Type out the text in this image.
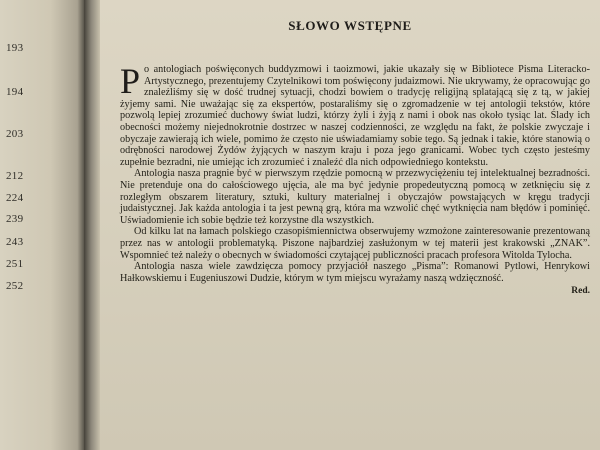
193
194
203
212
224
239
243
251
252
SŁOWO WSTĘPNE

Po antologiach poświęconych buddyzmowi i taoizmowi, jakie ukazały się w Bibliotece Pisma Literacko-Artystycznego, prezentujemy Czytelnikowi tom poświęcony judaizmowi. Nie ukrywamy, że opracowując go znaleźliśmy się w dość trudnej sytuacji, chodzi bowiem o tradycję religijną splatającą się z tą, w jakiej żyjemy sami. Nie uważając się za ekspertów, postaraliśmy się o zgromadzenie w tej antologii tekstów, które pozwolą lepiej zrozumieć duchowy świat ludzi, którzy żyli i żyją z nami i obok nas około tysiąc lat. Ślady ich obecności możemy niejednokrotnie dostrzec w naszej codzienności, ze względu na fakt, że polskie zwyczaje i obyczaje zawierają ich wiele, pomimo że często nie uświadamiamy sobie tego. Są jednak i takie, które stanowią o odrębności narodowej Żydów żyjących w naszym kraju i poza jego granicami. Wobec tych często jesteśmy zupełnie bezradni, nie umiejąc ich zrozumieć i znaleźć dla nich odpowiedniego kontekstu.

Antologia nasza pragnie być w pierwszym rzędzie pomocną w przezwyciężeniu tej intelektualnej bezradności. Nie pretenduje ona do całościowego ujęcia, ale ma być jedynie propedeutyczną pomocą w zetknięciu się z rozległym obszarem literatury, sztuki, kultury materialnej i obyczajów powstających w kręgu tradycji judaistycznej. Jak każda antologia i ta jest pewną grą, która ma wzwolić chęć wytknięcia nam błędów i pominięć. Uświadomienie ich sobie będzie też korzystne dla wszystkich.

Od kilku lat na łamach polskiego czasopiśmiennictwa obserwujemy wzmożone zainteresowanie prezentowaną przez nas w antologii problematyką. Piszone najbardziej zasłużonym w tej materii jest krakowski „ZNAK”. Wspomnieć też należy o obecnych w świadomości czytającej publiczności pracach profesora Witolda Tylocha.

Antologia nasza wiele zawdzięcza pomocy przyjaciół naszego „Pisma”: Romanowi Pytlowi, Henrykowi Hałkowskiemu i Eugeniuszowi Dudzie, którym w tym miejscu wyrażamy naszą wdzięczność.

Red.
